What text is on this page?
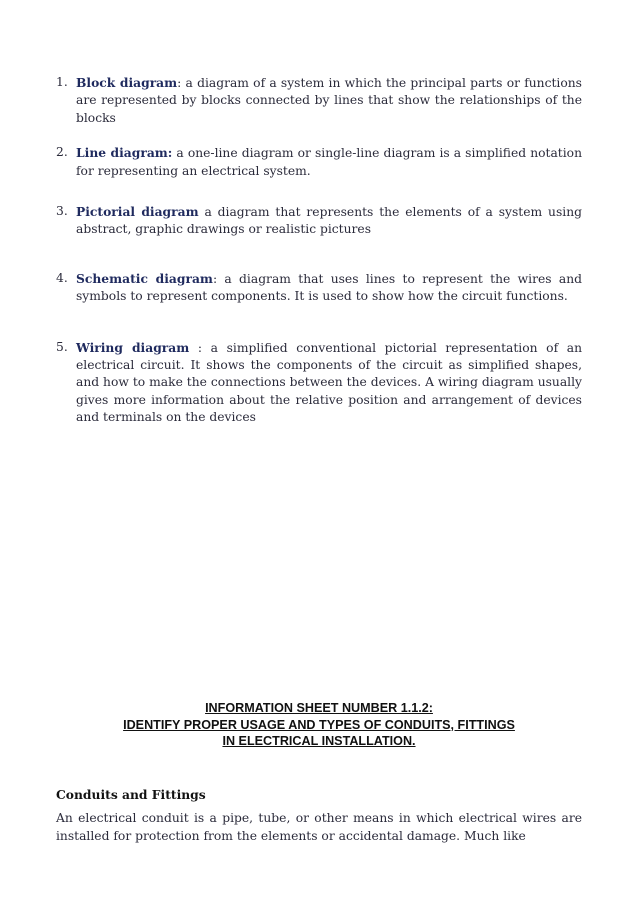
1. Block diagram: a diagram of a system in which the principal parts or functions are represented by blocks connected by lines that show the relationships of the blocks
2. Line diagram: a one-line diagram or single-line diagram is a simplified notation for representing an electrical system.
3. Pictorial diagram a diagram that represents the elements of a system using abstract, graphic drawings or realistic pictures
4. Schematic diagram: a diagram that uses lines to represent the wires and symbols to represent components. It is used to show how the circuit functions.
5. Wiring diagram : a simplified conventional pictorial representation of an electrical circuit. It shows the components of the circuit as simplified shapes, and how to make the connections between the devices. A wiring diagram usually gives more information about the relative position and arrangement of devices and terminals on the devices
INFORMATION SHEET NUMBER 1.1.2:
IDENTIFY PROPER USAGE AND TYPES OF CONDUITS, FITTINGS
IN ELECTRICAL INSTALLATION.

Conduits and Fittings

An electrical conduit is a pipe, tube, or other means in which electrical wires are installed for protection from the elements or accidental damage. Much like
